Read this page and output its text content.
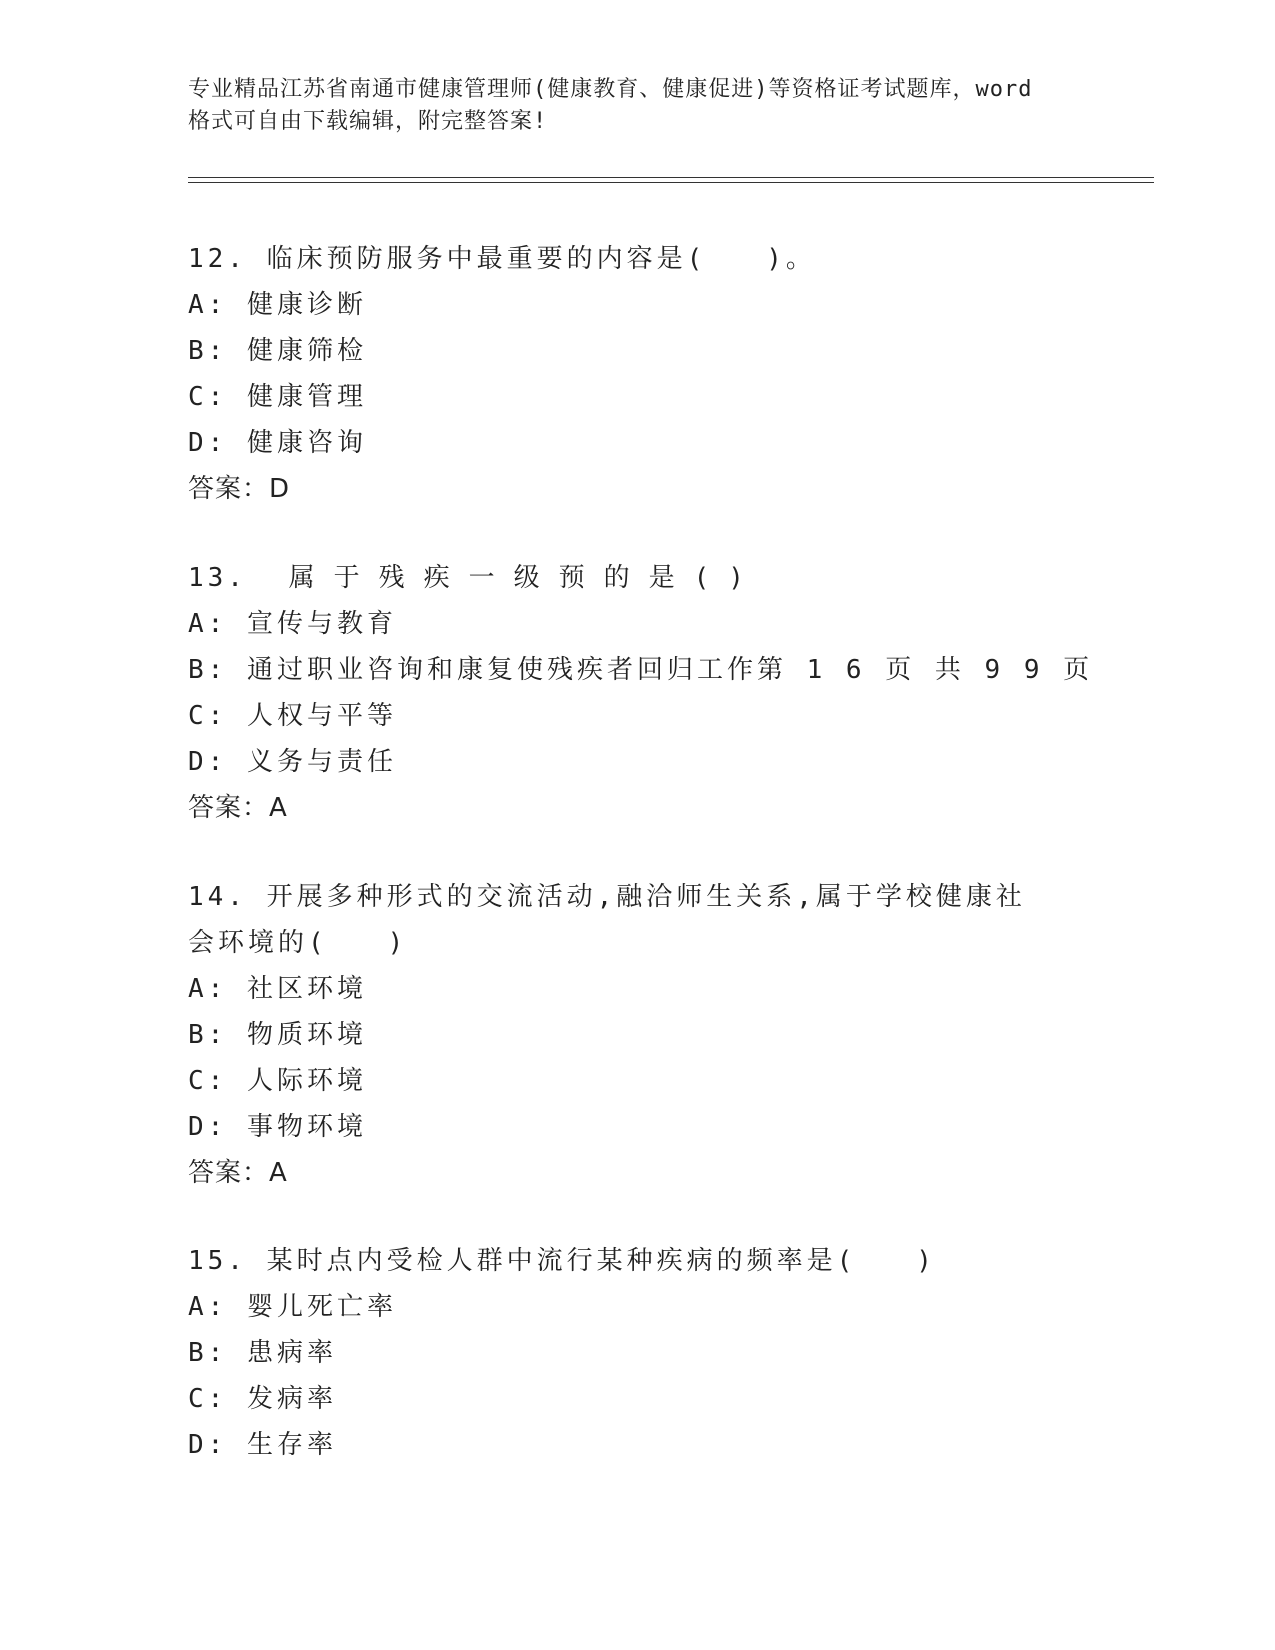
专业精品江苏省南通市健康管理师(健康教育、健康促进)等资格证考试题库，word
格式可自由下载编辑，附完整答案!
12. 临床预防服务中最重要的内容是(　　)。
A: 健康诊断
B: 健康筛检
C: 健康管理
D: 健康咨询
答案：D
13. 属于残疾一级预的是()
A: 宣传与教育
B: 通过职业咨询和康复使残疾者回归工作第 1 6 页 共 9 9 页
C: 人权与平等
D: 义务与责任
答案：A
14. 开展多种形式的交流活动,融洽师生关系,属于学校健康社会环境的(　　)
A: 社区环境
B: 物质环境
C: 人际环境
D: 事物环境
答案：A
15. 某时点内受检人群中流行某种疾病的频率是(　　)
A: 婴儿死亡率
B: 患病率
C: 发病率
D: 生存率
